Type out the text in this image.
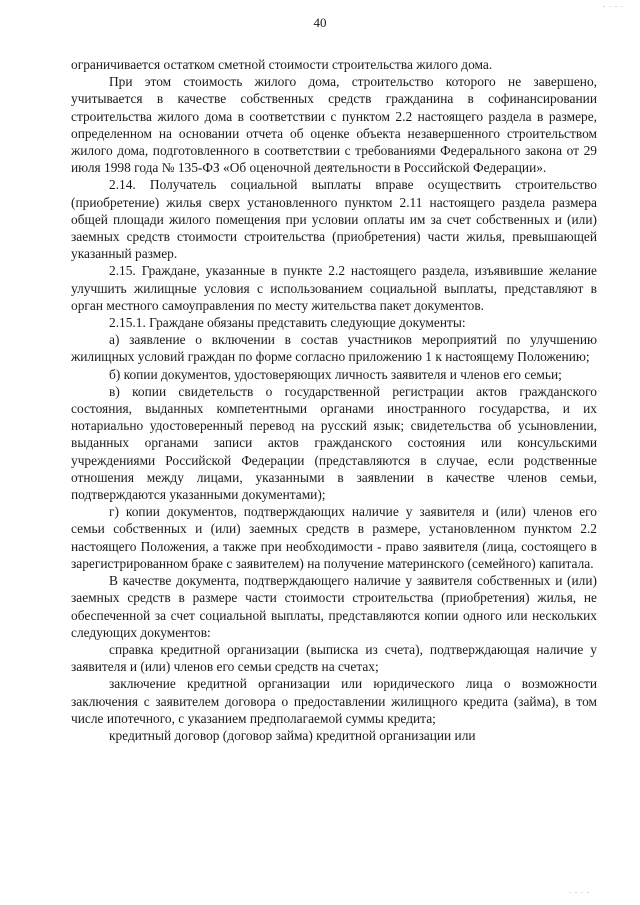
. . . .
40

ограничивается остатком сметной стоимости строительства жилого дома.

При этом стоимость жилого дома, строительство которого не завершено, учитывается в качестве собственных средств гражданина в софинансировании строительства жилого дома в соответствии с пунктом 2.2 настоящего раздела в размере, определенном на основании отчета об оценке объекта незавершенного строительством жилого дома, подготовленного в соответствии с требованиями Федерального закона от 29 июля 1998 года № 135-ФЗ «Об оценочной деятельности в Российской Федерации».

2.14. Получатель социальной выплаты вправе осуществить строительство (приобретение) жилья сверх установленного пунктом 2.11 настоящего раздела размера общей площади жилого помещения при условии оплаты им за счет собственных и (или) заемных средств стоимости строительства (приобретения) части жилья, превышающей указанный размер.

2.15. Граждане, указанные в пункте 2.2 настоящего раздела, изъявившие желание улучшить жилищные условия с использованием социальной выплаты, представляют в орган местного самоуправления по месту жительства пакет документов.

2.15.1. Граждане обязаны представить следующие документы:

а) заявление о включении в состав участников мероприятий по улучшению жилищных условий граждан по форме согласно приложению 1 к настоящему Положению;

б) копии документов, удостоверяющих личность заявителя и членов его семьи;

в) копии свидетельств о государственной регистрации актов гражданского состояния, выданных компетентными органами иностранного государства, и их нотариально удостоверенный перевод на русский язык; свидетельства об усыновлении, выданных органами записи актов гражданского состояния или консульскими учреждениями Российской Федерации (представляются в случае, если родственные отношения между лицами, указанными в заявлении в качестве членов семьи, подтверждаются указанными документами);

г) копии документов, подтверждающих наличие у заявителя и (или) членов его семьи собственных и (или) заемных средств в размере, установленном пунктом 2.2 настоящего Положения, а также при необходимости - право заявителя (лица, состоящего в зарегистрированном браке с заявителем) на получение материнского (семейного) капитала.

В качестве документа, подтверждающего наличие у заявителя собственных и (или) заемных средств в размере части стоимости строительства (приобретения) жилья, не обеспеченной за счет социальной выплаты, представляются копии одного или нескольких следующих документов:

справка кредитной организации (выписка из счета), подтверждающая наличие у заявителя и (или) членов его семьи средств на счетах;

заключение кредитной организации или юридического лица о возможности заключения с заявителем договора о предоставлении жилищного кредита (займа), в том числе ипотечного, с указанием предполагаемой суммы кредита;

кредитный договор (договор займа) кредитной организации или

. . . .
